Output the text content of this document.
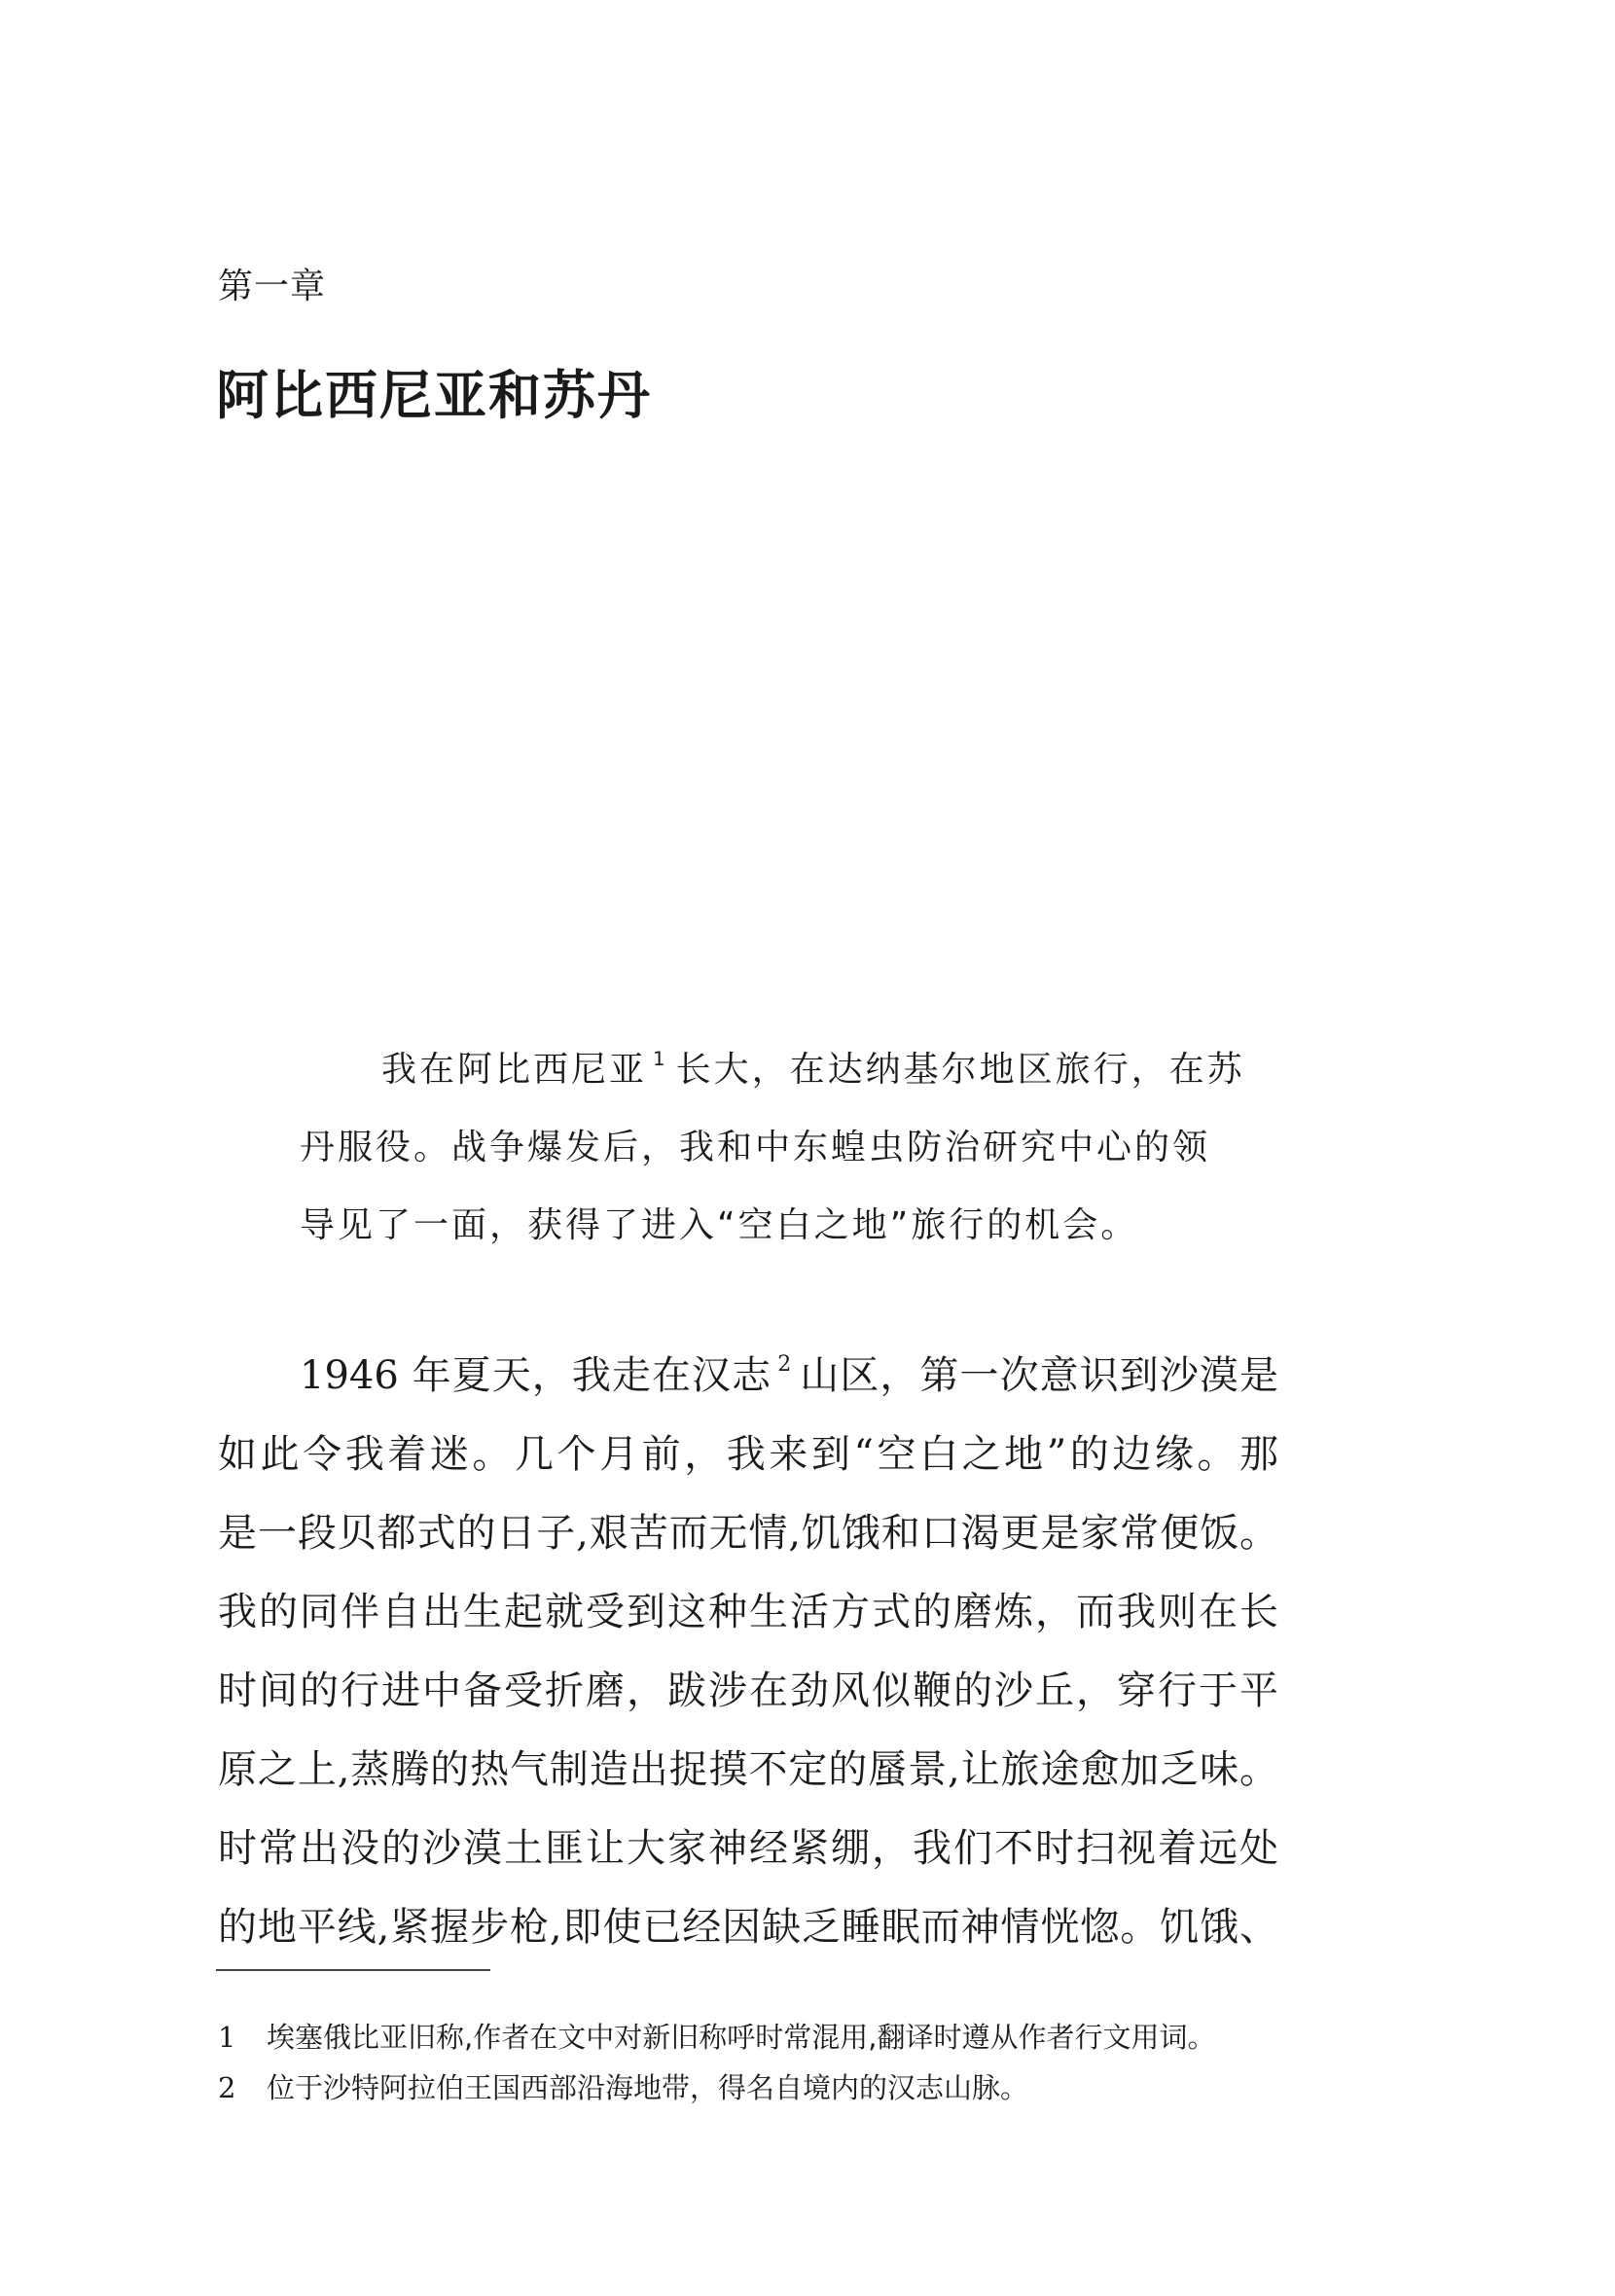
第一章
阿比西尼亚和苏丹
我在阿比西尼亚 $^1$ 长大，在达纳基尔地区旅行，在苏
丹服役。战争爆发后，我和中东蝗虫防治研究中心的领
导见了一面，获得了进入“空白之地”旅行的机会。
1946 年夏天，我走在汉志 $^2$ 山区，第一次意识到沙漠是
如此令我着迷。几个月前，我来到“空白之地”的边缘。那
是一段贝都式的日子,艰苦而无情,饥饿和口渴更是家常便饭。
我的同伴自出生起就受到这种生活方式的磨炼，而我则在长
时间的行进中备受折磨，跋涉在劲风似鞭的沙丘，穿行于平
原之上,蒸腾的热气制造出捉摸不定的蜃景,让旅途愈加乏味。
时常出没的沙漠土匪让大家神经紧绷，我们不时扫视着远处
的地平线,紧握步枪,即使已经因缺乏睡眠而神情恍惚。饥饿、
1 埃塞俄比亚旧称,作者在文中对新旧称呼时常混用,翻译时遵从作者行文用词。
2 位于沙特阿拉伯王国西部沿海地带，得名自境内的汉志山脉。
